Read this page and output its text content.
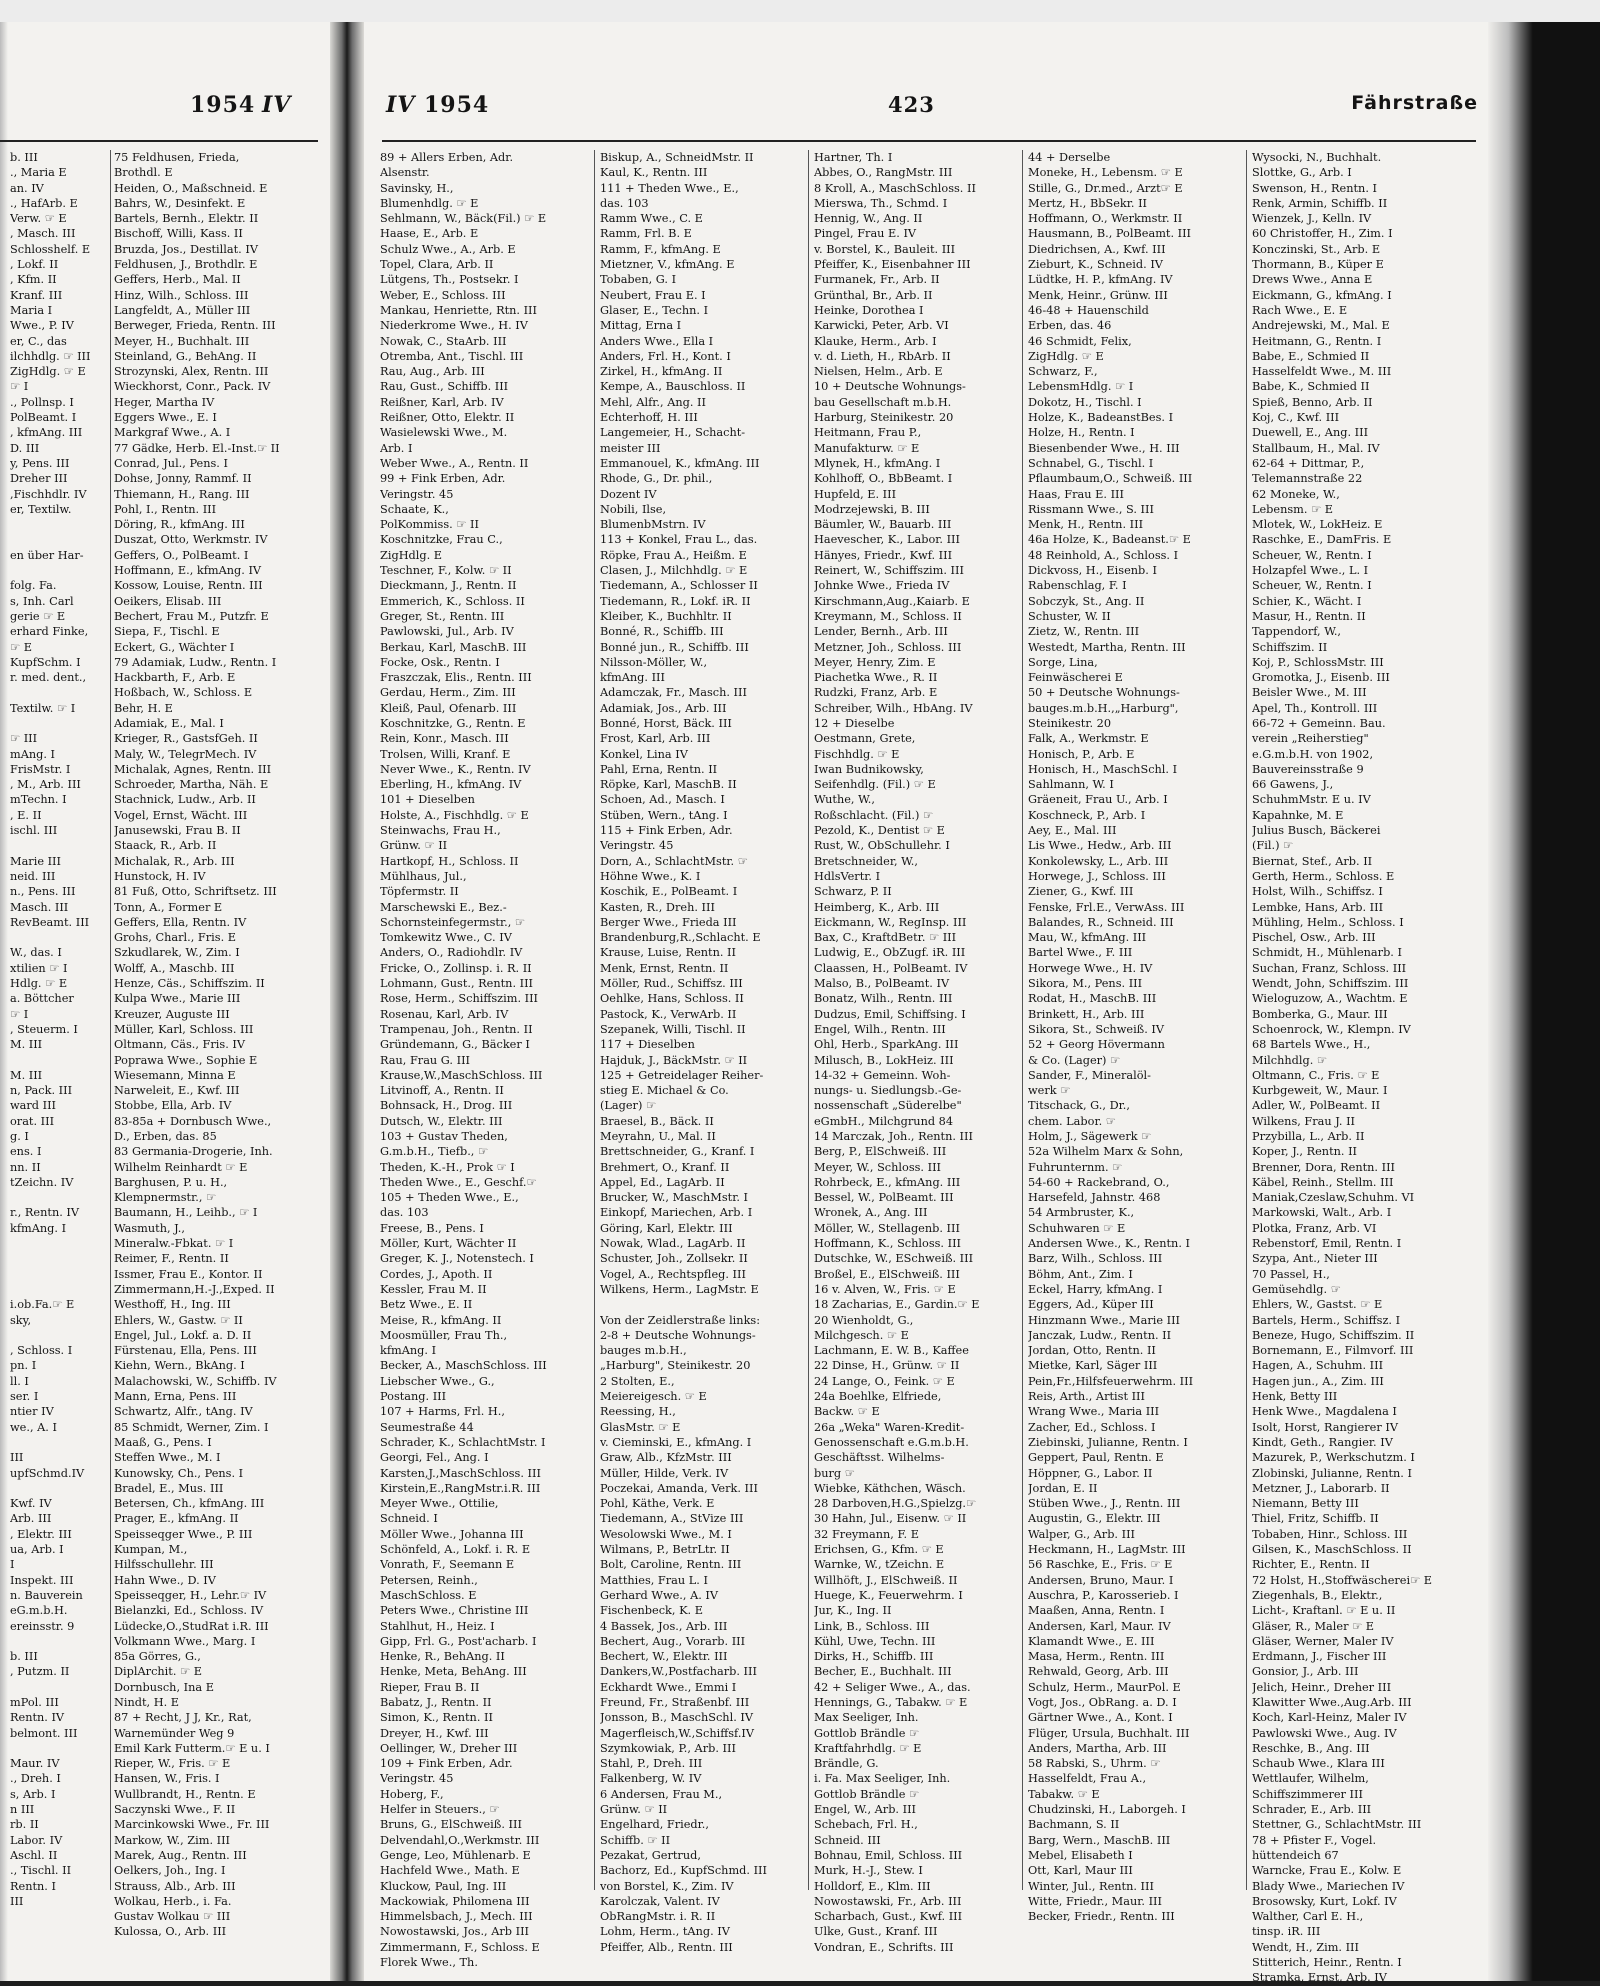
1954 IV
b. III
., Maria E
an. IV
., HafArb. E
Verw. ☞ E
, Masch. III
Schlosshelf. E
, Lokf. II
, Kfm. II
Kranf. III
Maria I
Wwe., P. IV
er, C., das
ilchhdlg. ☞ III
ZigHdlg. ☞ E
☞ I
., Pollnsp. I
PolBeamt. I
, kfmAng. III
D. III
y, Pens. III
Dreher III
,Fischhdlr. IV
er, Textilw.
en über Har-
folg. Fa.
s, Inh. Carl
gerie ☞ E
erhard Finke,
☞ E
KupfSchm. I
r. med. dent.,
Textilw. ☞ I
☞ III
mAng. I
FrisMstr. I
, M., Arb. III
mTechn. I
, E. II
ischl. III
Marie III
neid. III
n., Pens. III
Masch. III
RevBeamt. III
W., das. I
xtilien ☞ I
Hdlg. ☞ E
a. Böttcher
☞ I
, Steuerm. I
M. III
M. III
n, Pack. III
ward III
orat. III
g. I
ens. I
nn. II
tZeichn. IV
r., Rentn. IV
kfmAng. I
i.ob.Fa.☞ E
sky,
, Schloss. I
pn. I
ll. I
ser. I
ntier IV
we., A. I
III
upfSchmd.IV
Kwf. IV
Arb. III
, Elektr. III
ua, Arb. I
I
Inspekt. III
n. Bauverein
eG.m.b.H.
ereinsstr. 9
b. III
, Putzm. II
mPol. III
Rentn. IV
belmont. III
Maur. IV
., Dreh. I
s, Arb. I
n III
rb. II
Labor. IV
Aschl. II
., Tischl. II
Rentn. I
III
75 Feldhusen, Frieda,
Brothdl. E
Heiden, O., Maßschneid. E
Bahrs, W., Desinfekt. E
Bartels, Bernh., Elektr. II
Bischoff, Willi, Kass. II
Bruzda, Jos., Destillat. IV
Feldhusen, J., Brothdlr. E
Geffers, Herb., Mal. II
Hinz, Wilh., Schloss. III
Langfeldt, A., Müller III
Berweger, Frieda, Rentn. III
Meyer, H., Buchhalt. III
Steinland, G., BehAng. II
Strozynski, Alex, Rentn. III
Wieckhorst, Conr., Pack. IV
Heger, Martha IV
Eggers Wwe., E. I
Markgraf Wwe., A. I
77 Gädke, Herb. El.-Inst.☞ II
Conrad, Jul., Pens. I
Dohse, Jonny, Rammf. II
Thiemann, H., Rang. III
Pohl, I., Rentn. III
Döring, R., kfmAng. III
Duszat, Otto, Werkmstr. IV
Geffers, O., PolBeamt. I
Hoffmann, E., kfmAng. IV
Kossow, Louise, Rentn. III
Oeikers, Elisab. III
Bechert, Frau M., Putzfr. E
Siepa, F., Tischl. E
Eckert, G., Wächter I
79 Adamiak, Ludw., Rentn. I
Hackbarth, F., Arb. E
Hoßbach, W., Schloss. E
Behr, H. E
Adamiak, E., Mal. I
Krieger, R., GastsfGeh. II
Maly, W., TelegrMech. IV
Michalak, Agnes, Rentn. III
Schroeder, Martha, Näh. E
Stachnick, Ludw., Arb. II
Vogel, Ernst, Wächt. III
Janusewski, Frau B. II
Staack, R., Arb. II
Michalak, R., Arb. III
Hunstock, H. IV
81 Fuß, Otto, Schriftsetz. III
Tonn, A., Former E
Geffers, Ella, Rentn. IV
Grohs, Charl., Fris. E
Szkudlarek, W., Zim. I
Wolff, A., Maschb. III
Henze, Cäs., Schiffszim. II
Kulpa Wwe., Marie III
Kreuzer, Auguste III
Müller, Karl, Schloss. III
Oltmann, Cäs., Fris. IV
Poprawa Wwe., Sophie E
Wiesemann, Minna E
Narweleit, E., Kwf. III
Stobbe, Ella, Arb. IV
83-85a + Dornbusch Wwe.,
D., Erben, das. 85
83 Germania-Drogerie, Inh.
Wilhelm Reinhardt ☞ E
Barghusen, P. u. H.,
Klempnermstr., ☞
Baumann, H., Leihb., ☞ I
Wasmuth, J.,
Mineralw.-Fbkat. ☞ I
Reimer, F., Rentn. II
Issmer, Frau E., Kontor. II
Zimmermann,H.-J.,Exped. II
Westhoff, H., Ing. III
Ehlers, W., Gastw. ☞ II
Engel, Jul., Lokf. a. D. II
Fürstenau, Ella, Pens. III
Kiehn, Wern., BkAng. I
Malachowski, W., Schiffb. IV
Mann, Erna, Pens. III
Schwartz, Alfr., tAng. IV
85 Schmidt, Werner, Zim. I
Maaß, G., Pens. I
Steffen Wwe., M. I
Kunowsky, Ch., Pens. I
Bradel, E., Mus. III
Betersen, Ch., kfmAng. III
Prager, E., kfmAng. II
Speisseqger Wwe., P. III
Kumpan, M.,
Hilfsschullehr. III
Hahn Wwe., D. IV
Speisseqger, H., Lehr.☞ IV
Bielanzki, Ed., Schloss. IV
Lüdecke,O.,StudRat i.R. III
Volkmann Wwe., Marg. I
85a Görres, G.,
DiplArchit. ☞ E
Dornbusch, Ina E
Nindt, H. E
87 + Recht, J J, Kr., Rat,
Warnemünder Weg 9
Emil Kark Futterm.☞ E u. I
Rieper, W., Fris. ☞ E
Hansen, W., Fris. I
Wullbrandt, H., Rentn. E
Saczynski Wwe., F. II
Marcinkowski Wwe., Fr. III
Markow, W., Zim. III
Marek, Aug., Rentn. III
Oelkers, Joh., Ing. I
Strauss, Alb., Arb. III
Wolkau, Herb., i. Fa.
Gustav Wolkau ☞ III
Kulossa, O., Arb. III
IV 1954	423	Fährstraße
89 + Allers Erben, Adr.
Alsenstr.
Savinsky, H.,
Blumenhdlg. ☞ E
Sehlmann, W., Bäck(Fil.) ☞ E
Haase, E., Arb. E
Schulz Wwe., A., Arb. E
Topel, Clara, Arb. II
Lütgens, Th., Postsekr. I
Weber, E., Schloss. III
Mankau, Henriette, Rtn. III
Niederkrome Wwe., H. IV
Nowak, C., StaArb. III
Otremba, Ant., Tischl. III
Rau, Aug., Arb. III
Rau, Gust., Schiffb. III
Reißner, Karl, Arb. IV
Reißner, Otto, Elektr. II
Wasielewski Wwe., M.
Arb. I
Weber Wwe., A., Rentn. II
99 + Fink Erben, Adr.
Veringstr. 45
Schaate, K.,
PolKommiss. ☞ II
Koschnitzke, Frau C.,
ZigHdlg. E
Teschner, F., Kolw. ☞ II
Dieckmann, J., Rentn. II
Emmerich, K., Schloss. II
Greger, St., Rentn. III
Pawlowski, Jul., Arb. IV
Berkau, Karl, MaschB. III
Focke, Osk., Rentn. I
Fraszczak, Elis., Rentn. III
Gerdau, Herm., Zim. III
Kleiß, Paul, Ofenarb. III
Koschnitzke, G., Rentn. E
Rein, Konr., Masch. III
Trolsen, Willi, Kranf. E
Never Wwe., K., Rentn. IV
Eberling, H., kfmAng. IV
101 + Dieselben
Holste, A., Fischhdlg. ☞ E
Steinwachs, Frau H.,
Grünw. ☞ II
Hartkopf, H., Schloss. II
Mühlhaus, Jul.,
Töpfermstr. II
Marschewski E., Bez.-
Schornsteinfegermstr., ☞
Tomkewitz Wwe., C. IV
Anders, O., Radiohdlr. IV
Fricke, O., Zollinsp. i. R. II
Lohmann, Gust., Rentn. III
Rose, Herm., Schiffszim. III
Rosenau, Karl, Arb. IV
Trampenau, Joh., Rentn. II
Gründemann, G., Bäcker I
Rau, Frau G. III
Krause,W.,MaschSchloss. III
Litvinoff, A., Rentn. II
Bohnsack, H., Drog. III
Dutsch, W., Elektr. III
103 + Gustav Theden,
G.m.b.H., Tiefb., ☞
Theden, K.-H., Prok ☞ I
Theden Wwe., E., Geschf.☞
105 + Theden Wwe., E.,
das. 103
Freese, B., Pens. I
Möller, Kurt, Wächter II
Greger, K. J., Notenstech. I
Cordes, J., Apoth. II
Kessler, Frau M. II
Betz Wwe., E. II
Meise, R., kfmAng. II
Moosmüller, Frau Th.,
kfmAng. I
Becker, A., MaschSchloss. III
Liebscher Wwe., G.,
Postang. III
107 + Harms, Frl. H.,
Seumestraße 44
Schrader, K., SchlachtMstr. I
Georgi, Fel., Ang. I
Karsten,J.,MaschSchloss. III
Kirstein,E.,RangMstr.i.R. III
Meyer Wwe., Ottilie,
Schneid. I
Möller Wwe., Johanna III
Schönfeld, A., Lokf. i. R. E
Vonrath, F., Seemann E
Petersen, Reinh.,
MaschSchloss. E
Peters Wwe., Christine III
Stahlhut, H., Heiz. I
Gipp, Frl. G., Post'acharb. I
Henke, R., BehAng. II
Henke, Meta, BehAng. III
Rieper, Frau B. II
Babatz, J., Rentn. II
Simon, K., Rentn. II
Dreyer, H., Kwf. III
Oellinger, W., Dreher III
109 + Fink Erben, Adr.
Veringstr. 45
Hoberg, F.,
Helfer in Steuers., ☞
Bruns, G., ElSchweiß. III
Delvendahl,O.,Werkmstr. III
Genge, Leo, Mühlenarb. E
Hachfeld Wwe., Math. E
Kluckow, Paul, Ing. III
Mackowiak, Philomena III
Himmelsbach, J., Mech. III
Nowostawski, Jos., Arb III
Zimmermann, F., Schloss. E
Florek Wwe., Th.
Biskup, A., SchneidMstr. II
Kaul, K., Rentn. III
111 + Theden Wwe., E.,
das. 103
Ramm Wwe., C. E
Ramm, Frl. B. E
Ramm, F., kfmAng. E
Mietzner, V., kfmAng. E
Tobaben, G. I
Neubert, Frau E. I
Glaser, E., Techn. I
Mittag, Erna I
Anders Wwe., Ella I
Anders, Frl. H., Kont. I
Zirkel, H., kfmAng. II
Kempe, A., Bauschloss. II
Mehl, Alfr., Ang. II
Echterhoff, H. III
Langemeier, H., Schacht-
meister III
Emmanouel, K., kfmAng. III
Rhode, G., Dr. phil.,
Dozent IV
Nobili, Ilse,
BlumenbMstrn. IV
113 + Konkel, Frau L., das.
Röpke, Frau A., Heißm. E
Clasen, J., Milchhdlg. ☞ E
Tiedemann, A., Schlosser II
Tiedemann, R., Lokf. iR. II
Kleiber, K., Buchhltr. II
Bonné, R., Schiffb. III
Bonné jun., R., Schiffb. III
Nilsson-Möller, W.,
kfmAng. III
Adamczak, Fr., Masch. III
Adamiak, Jos., Arb. III
Bonné, Horst, Bäck. III
Frost, Karl, Arb. III
Konkel, Lina IV
Pahl, Erna, Rentn. II
Röpke, Karl, MaschB. II
Schoen, Ad., Masch. I
Stüben, Wern., tAng. I
115 + Fink Erben, Adr.
Veringstr. 45
Dorn, A., SchlachtMstr. ☞
Höhne Wwe., K. I
Koschik, E., PolBeamt. I
Kasten, R., Dreh. III
Berger Wwe., Frieda III
Brandenburg,R.,Schlacht. E
Krause, Luise, Rentn. II
Menk, Ernst, Rentn. II
Möller, Rud., Schiffsz. III
Oehlke, Hans, Schloss. II
Pastock, K., VerwArb. II
Szepanek, Willi, Tischl. II
117 + Dieselben
Hajduk, J., BäckMstr. ☞ II
125 + Getreidelager Reiher-
stieg E. Michael & Co.
(Lager) ☞
Braesel, B., Bäck. II
Meyrahn, U., Mal. II
Brettschneider, G., Kranf. I
Brehmert, O., Kranf. II
Appel, Ed., LagArb. II
Brucker, W., MaschMstr. I
Einkopf, Mariechen, Arb. I
Göring, Karl, Elektr. III
Nowak, Wlad., LagArb. II
Schuster, Joh., Zollsekr. II
Vogel, A., Rechtspfleg. III
Wilkens, Herm., LagMstr. E
Von der Zeidlerstraße links:
2-8 + Deutsche Wohnungs-
bauges m.b.H.,
„Harburg", Steinikestr. 20
2 Stolten, E.,
Meiereigesch. ☞ E
Reessing, H.,
GlasMstr. ☞ E
v. Cieminski, E., kfmAng. I
Graw, Alb., KfzMstr. III
Müller, Hilde, Verk. IV
Poczekai, Amanda, Verk. III
Pohl, Käthe, Verk. E
Tiedemann, A., StVize III
Wesolowski Wwe., M. I
Wilmans, P., BetrLtr. II
Bolt, Caroline, Rentn. III
Matthies, Frau L. I
Gerhard Wwe., A. IV
Fischenbeck, K. E
4 Bassek, Jos., Arb. III
Bechert, Aug., Vorarb. III
Bechert, W., Elektr. III
Dankers,W.,Postfacharb. III
Eckhardt Wwe., Emmi I
Freund, Fr., Straßenbf. III
Jonsson, B., MaschSchl. IV
Magerfleisch,W.,Schiffsf.IV
Szymkowiak, P., Arb. III
Stahl, P., Dreh. III
Falkenberg, W. IV
6 Andersen, Frau M.,
Grünw. ☞ II
Engelhard, Friedr.,
Schiffb. ☞ II
Pezakat, Gertrud,
Bachorz, Ed., KupfSchmd. III
von Borstel, K., Zim. IV
Karolczak, Valent. IV
ObRangMstr. i. R. II
Lohm, Herm., tAng. IV
Pfeiffer, Alb., Rentn. III
Hartner, Th. I
Abbes, O., RangMstr. III
8 Kroll, A., MaschSchloss. II
Mierswa, Th., Schmd. I
Hennig, W., Ang. II
Pingel, Frau E. IV
v. Borstel, K., Bauleit. III
Pfeiffer, K., Eisenbahner III
Furmanek, Fr., Arb. II
Grünthal, Br., Arb. II
Heinke, Dorothea I
Karwicki, Peter, Arb. VI
Klauke, Herm., Arb. I
v. d. Lieth, H., RbArb. II
Nielsen, Helm., Arb. E
10 + Deutsche Wohnungs-
bau Gesellschaft m.b.H.
Harburg, Steinikestr. 20
Heitmann, Frau P.,
Manufakturw. ☞ E
Mlynek, H., kfmAng. I
Kohlhoff, O., BbBeamt. I
Hupfeld, E. III
Modrzejewski, B. III
Bäumler, W., Bauarb. III
Haevescher, K., Labor. III
Hänyes, Friedr., Kwf. III
Reinert, W., Schiffszim. III
Johnke Wwe., Frieda IV
Kirschmann,Aug.,Kaiarb. E
Kreymann, M., Schloss. II
Lender, Bernh., Arb. III
Metzner, Joh., Schloss. III
Meyer, Henry, Zim. E
Piachetka Wwe., R. II
Rudzki, Franz, Arb. E
Schreiber, Wilh., HbAng. IV
12 + Dieselbe
Oestmann, Grete,
Fischhdlg. ☞ E
Iwan Budnikowsky,
Seifenhdlg. (Fil.) ☞ E
Wuthe, W.,
Roßschlacht. (Fil.) ☞
Pezold, K., Dentist ☞ E
Rust, W., ObSchullehr. I
Bretschneider, W.,
HdlsVertr. I
Schwarz, P. II
Heimberg, K., Arb. III
Eickmann, W., RegInsp. III
Bax, C., KraftdBetr. ☞ III
Ludwig, E., ObZugf. iR. III
Claassen, H., PolBeamt. IV
Malso, B., PolBeamt. IV
Bonatz, Wilh., Rentn. III
Dudzus, Emil, Schiffsing. I
Engel, Wilh., Rentn. III
Ohl, Herb., SparkAng. III
Milusch, B., LokHeiz. III
14-32 + Gemeinn. Woh-
nungs- u. Siedlungsb.-Ge-
nossenschaft „Süderelbe"
eGmbH., Milchgrund 84
14 Marczak, Joh., Rentn. III
Berg, P., ElSchweiß. III
Meyer, W., Schloss. III
Rohrbeck, E., kfmAng. III
Bessel, W., PolBeamt. III
Wronek, A., Ang. III
Möller, W., Stellagenb. III
Hoffmann, K., Schloss. III
Dutschke, W., ESchweiß. III
Broßel, E., ElSchweiß. III
16 v. Alven, W., Fris. ☞ E
18 Zacharias, E., Gardin.☞ E
20 Wienholdt, G.,
Milchgesch. ☞ E
Lachmann, E. W. B., Kaffee
22 Dinse, H., Grünw. ☞ II
24 Lange, O., Feink. ☞ E
24a Boehlke, Elfriede,
Backw. ☞ E
26a „Weka" Waren-Kredit-
Genossenschaft e.G.m.b.H.
Geschäftsst. Wilhelms-
burg ☞
Wiebke, Käthchen, Wäsch.
28 Darboven,H.G.,Spielzg.☞
30 Hahn, Jul., Eisenw. ☞ II
32 Freymann, F. E
Erichsen, G., Kfm. ☞ E
Warnke, W., tZeichn. E
Willhöft, J., ElSchweiß. II
Huege, K., Feuerwehrm. I
Jur, K., Ing. II
Link, B., Schloss. III
Kühl, Uwe, Techn. III
Dirks, H., Schiffb. III
Becher, E., Buchhalt. III
42 + Seliger Wwe., A., das.
Hennings, G., Tabakw. ☞ E
Max Seeliger, Inh.
Gottlob Brändle ☞
Kraftfahrhdlg. ☞ E
Brändle, G.
i. Fa. Max Seeliger, Inh.
Gottlob Brändle ☞
Engel, W., Arb. III
Schebach, Frl. H.,
Schneid. III
Bohnau, Emil, Schloss. III
Murk, H.-J., Stew. I
Holldorf, E., Klm. III
Nowostawski, Fr., Arb. III
Scharbach, Gust., Kwf. III
Ulke, Gust., Kranf. III
Vondran, E., Schrifts. III
44 + Derselbe
Moneke, H., Lebensm. ☞ E
Stille, G., Dr.med., Arzt☞ E
Mertz, H., BbSekr. II
Hoffmann, O., Werkmstr. II
Hausmann, B., PolBeamt. III
Diedrichsen, A., Kwf. III
Zieburt, K., Schneid. IV
Lüdtke, H. P., kfmAng. IV
Menk, Heinr., Grünw. III
46-48 + Hauenschild
Erben, das. 46
46 Schmidt, Felix,
ZigHdlg. ☞ E
Schwarz, F.,
LebensmHdlg. ☞ I
Dokotz, H., Tischl. I
Holze, K., BadeanstBes. I
Holze, H., Rentn. I
Biesenbender Wwe., H. III
Schnabel, G., Tischl. I
Pflaumbaum,O., Schweiß. III
Haas, Frau E. III
Rissmann Wwe., S. III
Menk, H., Rentn. III
46a Holze, K., Badeanst.☞ E
48 Reinhold, A., Schloss. I
Dickvoss, H., Eisenb. I
Rabenschlag, F. I
Sobczyk, St., Ang. II
Schuster, W. II
Zietz, W., Rentn. III
Westedt, Martha, Rentn. III
Sorge, Lina,
Feinwäschereі E
50 + Deutsche Wohnungs-
bauges.m.b.H.,„Harburg",
Steinikestr. 20
Falk, A., Werkmstr. E
Honisch, P., Arb. E
Honisch, H., MaschSchl. I
Sahlmann, W. I
Gräeneit, Frau U., Arb. I
Koschneck, P., Arb. I
Aey, E., Mal. III
Lis Wwe., Hedw., Arb. III
Konkolewsky, L., Arb. III
Horwege, J., Schloss. III
Ziener, G., Kwf. III
Fenske, Frl.E., VerwAss. III
Balandes, R., Schneid. III
Mau, W., kfmAng. III
Bartel Wwe., F. III
Horwege Wwe., H. IV
Sikora, M., Pens. III
Rodat, H., MaschB. III
Brinkett, H., Arb. III
Sikora, St., Schweiß. IV
52 + Georg Hövermann
& Co. (Lager) ☞
Sander, F., Mineralöl-
werk ☞
Titschack, G., Dr.,
chem. Labor. ☞
Holm, J., Sägewerk ☞
52a Wilhelm Marx & Sohn,
Fuhrunternm. ☞
54-60 + Rackebrand, O.,
Harsefeld, Jahnstr. 468
54 Armbruster, K.,
Schuhwaren ☞ E
Andersen Wwe., K., Rentn. I
Barz, Wilh., Schloss. III
Böhm, Ant., Zim. I
Eckel, Harry, kfmAng. I
Eggers, Ad., Küper III
Hinzmann Wwe., Marie III
Janczak, Ludw., Rentn. II
Jordan, Otto, Rentn. II
Mietke, Karl, Säger III
Pein,Fr.,Hilfsfeuerwehrm. III
Reis, Arth., Artist III
Wrang Wwe., Maria III
Zacher, Ed., Schloss. I
Ziebinski, Julianne, Rentn. I
Geppert, Paul, Rentn. E
Höppner, G., Labor. II
Jordan, E. II
Stüben Wwe., J., Rentn. III
Augustin, G., Elektr. III
Walper, G., Arb. III
Heckmann, H., LagMstr. III
56 Raschke, E., Fris. ☞ E
Andersen, Bruno, Maur. I
Auschra, P., Karosserieb. I
Maaßen, Anna, Rentn. I
Andersen, Karl, Maur. IV
Klamandt Wwe., E. III
Masa, Herm., Rentn. III
Rehwald, Georg, Arb. III
Schulz, Herm., MaurPol. E
Vogt, Jos., ObRang. a. D. I
Gärtner Wwe., A., Kont. I
Flüger, Ursula, Buchhalt. III
Anders, Martha, Arb. III
58 Rabski, S., Uhrm. ☞
Hasselfeldt, Frau A.,
Tabakw. ☞ E
Chudzinski, H., Laborgeh. I
Bachmann, S. II
Barg, Wern., MaschB. III
Mebel, Elisabeth I
Ott, Karl, Maur III
Winter, Jul., Rentn. III
Witte, Friedr., Maur. III
Becker, Friedr., Rentn. III
Wysocki, N., Buchhalt.
Slottke, G., Arb. I
Swenson, H., Rentn. I
Renk, Armin, Schiffb. II
Wienzek, J., Kelln. IV
60 Christoffer, H., Zim. I
Konczinski, St., Arb. E
Thormann, B., Küper E
Drews Wwe., Anna E
Eickmann, G., kfmAng. I
Rach Wwe., E. E
Andrejewski, M., Mal. E
Heitmann, G., Rentn. I
Babe, E., Schmied II
Hasselfeldt Wwe., M. III
Babe, K., Schmied II
Spieß, Benno, Arb. II
Koj, C., Kwf. III
Duewell, E., Ang. III
Stallbaum, H., Mal. IV
62-64 + Dittmar, P.,
Telemannstraße 22
62 Moneke, W.,
Lebensm. ☞ E
Mlotek, W., LokHeiz. E
Raschke, E., DamFris. E
Scheuer, W., Rentn. I
Holzapfel Wwe., L. I
Scheuer, W., Rentn. I
Schier, K., Wächt. I
Masur, H., Rentn. II
Tappendorf, W.,
Schiffszim. II
Koj, P., SchlossMstr. III
Gromotka, J., Eisenb. III
Beisler Wwe., M. III
Apel, Th., Kontroll. III
66-72 + Gemeinn. Bau.
verein „Reiherstieg"
e.G.m.b.H. von 1902,
Bauvereinsstraße 9
66 Gawens, J.,
SchuhmMstr. E u. IV
Kapahnke, M. E
Julius Busch, Bäckerei
(Fil.) ☞
Biernat, Stef., Arb. II
Gerth, Herm., Schloss. E
Holst, Wilh., Schiffsz. I
Lembke, Hans, Arb. III
Mühling, Helm., Schloss. I
Pischel, Osw., Arb. III
Schmidt, H., Mühlenarb. I
Suchan, Franz, Schloss. III
Wendt, John, Schiffszim. III
Wieloguzow, A., Wachtm. E
Bomberka, G., Maur. III
Schoenrock, W., Klempn. IV
68 Bartels Wwe., H.,
Milchhdlg. ☞
Oltmann, C., Fris. ☞ E
Kurbgeweit, W., Maur. I
Adler, W., PolBeamt. II
Wilkens, Frau J. II
Przybilla, L., Arb. II
Koper, J., Rentn. II
Brenner, Dora, Rentn. III
Käbel, Reinh., Stellm. III
Maniak,Czeslaw,Schuhm. VI
Markowski, Walt., Arb. I
Plotka, Franz, Arb. VI
Rebenstorf, Emil, Rentn. I
Szypa, Ant., Nieter III
70 Passel, H.,
Gemüsehdlg. ☞
Ehlers, W., Gastst. ☞ E
Bartels, Herm., Schiffsz. I
Beneze, Hugo, Schiffszim. II
Bornemann, E., Filmvorf. III
Hagen, A., Schuhm. III
Hagen jun., A., Zim. III
Henk, Betty III
Henk Wwe., Magdalena I
Isolt, Horst, Rangierer IV
Kindt, Geth., Rangier. IV
Mazurek, P., Werkschutzm. I
Zlobinski, Julianne, Rentn. I
Metzner, J., Laborarb. II
Niemann, Betty III
Thiel, Fritz, Schiffb. II
Tobaben, Hinr., Schloss. III
Gilsen, K., MaschSchloss. II
Richter, E., Rentn. II
72 Holst, H.,Stoffwäscherei☞ E
Ziegenhals, B., Elektr.,
Licht-, Kraftanl. ☞ E u. II
Gläser, R., Maler ☞ E
Gläser, Werner, Maler IV
Erdmann, J., Fischer III
Gonsior, J., Arb. III
Jelich, Heinr., Dreher III
Klawitter Wwe.,Aug.Arb. III
Koch, Karl-Heinz, Maler IV
Pawlowski Wwe., Aug. IV
Reschke, B., Ang. III
Schaub Wwe., Klara III
Wettlaufer, Wilhelm,
Schiffszimmerer III
Schrader, E., Arb. III
Stettner, G., SchlachtMstr. III
78 + Pfister F., Vogel.
hüttendeich 67
Warncke, Frau E., Kolw. E
Blady Wwe., Mariechen IV
Brosowsky, Kurt, Lokf. IV
Walther, Carl E. H.,
tinsp. iR. III
Wendt, H., Zim. III
Stitterich, Heinr., Rentn. I
Stramka, Ernst, Arb. IV
